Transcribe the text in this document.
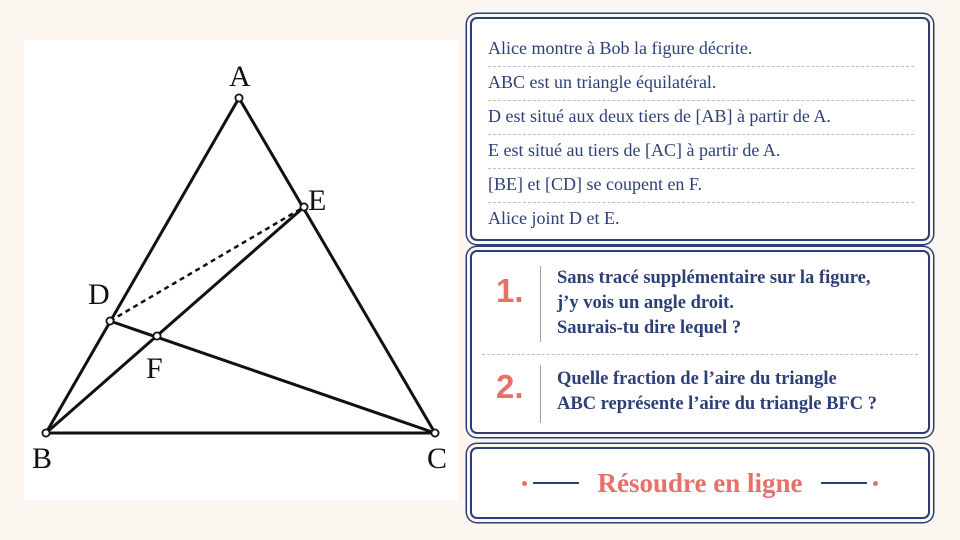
A
B	C
D
E
F
Alice montre à Bob la figure décrite.
ABC est un triangle équilatéral.
D est situé aux deux tiers de [AB] à partir de A.
E est situé au tiers de [AC] à partir de A.
[BE] et [CD] se coupent en F.
Alice joint D et E.
1. Sans tracé supplémentaire sur la figure,
j’y vois un angle droit.
Saurais-tu dire lequel ?
2. Quelle fraction de l’aire du triangle
ABC représente l’aire du triangle BFC ?
Résoudre en ligne
